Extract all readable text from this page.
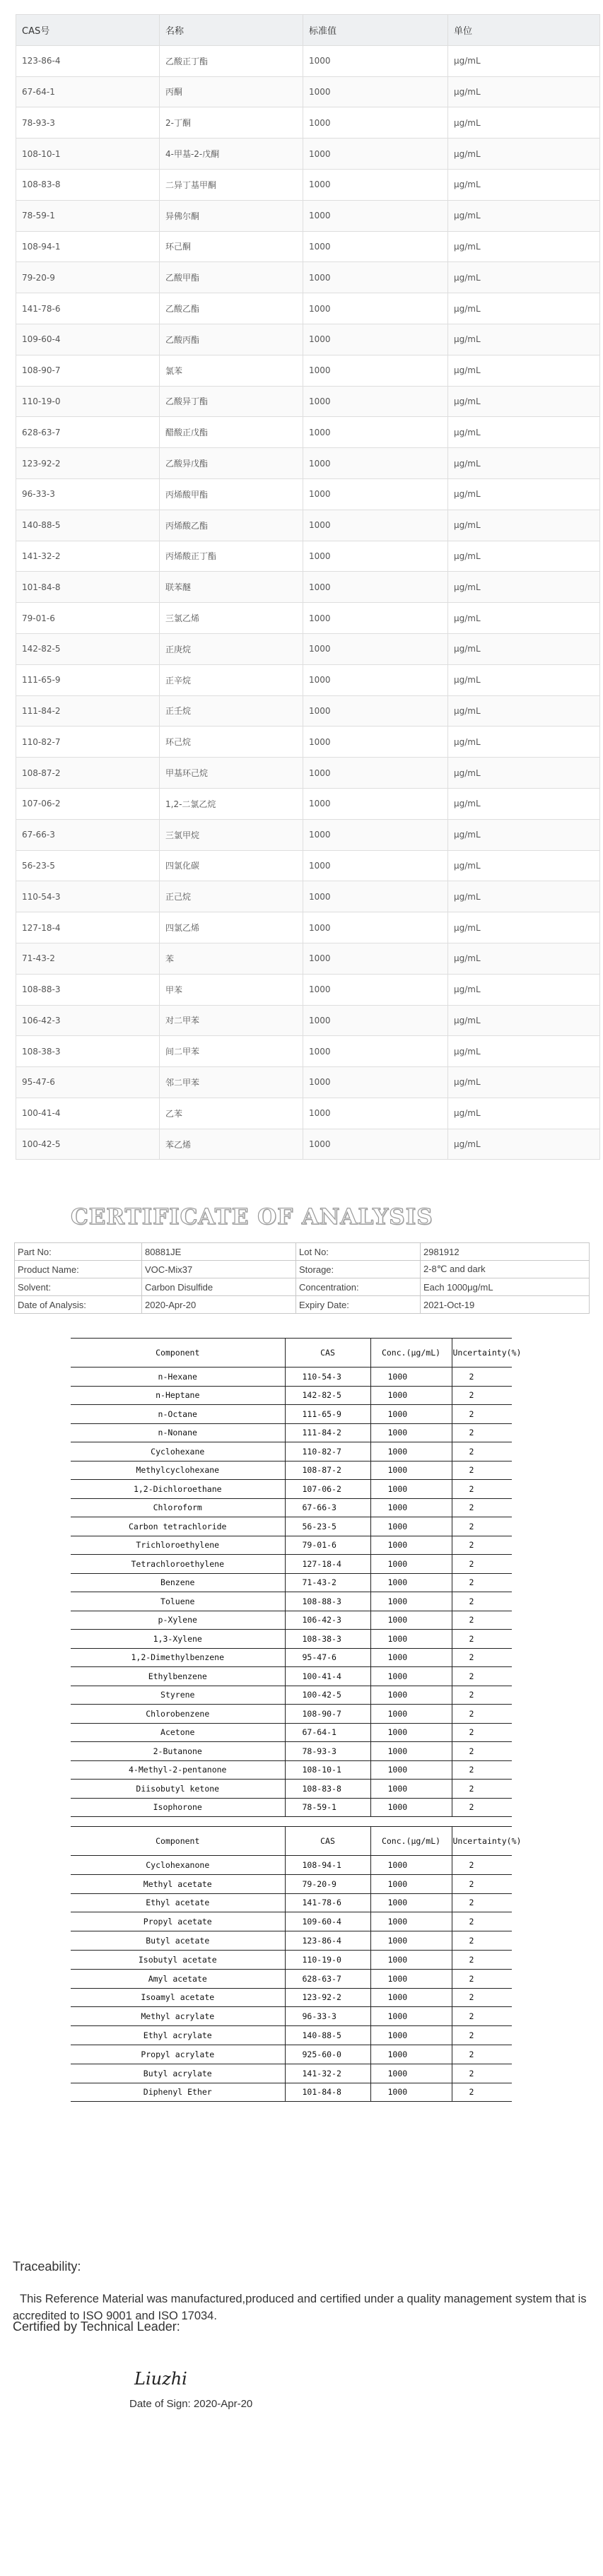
CAS号	名称	标准值	单位
123-86-4	乙酸正丁酯	1000	μg/mL
67-64-1	丙酮	1000	μg/mL
78-93-3	2-丁酮	1000	μg/mL
108-10-1	4-甲基-2-戊酮	1000	μg/mL
108-83-8	二异丁基甲酮	1000	μg/mL
78-59-1	异佛尔酮	1000	μg/mL
108-94-1	环己酮	1000	μg/mL
79-20-9	乙酸甲酯	1000	μg/mL
141-78-6	乙酸乙酯	1000	μg/mL
109-60-4	乙酸丙酯	1000	μg/mL
108-90-7	氯苯	1000	μg/mL
110-19-0	乙酸异丁酯	1000	μg/mL
628-63-7	醋酸正戊酯	1000	μg/mL
123-92-2	乙酸异戊酯	1000	μg/mL
96-33-3	丙烯酸甲酯	1000	μg/mL
140-88-5	丙烯酸乙酯	1000	μg/mL
141-32-2	丙烯酸正丁酯	1000	μg/mL
101-84-8	联苯醚	1000	μg/mL
79-01-6	三氯乙烯	1000	μg/mL
142-82-5	正庚烷	1000	μg/mL
111-65-9	正辛烷	1000	μg/mL
111-84-2	正壬烷	1000	μg/mL
110-82-7	环己烷	1000	μg/mL
108-87-2	甲基环己烷	1000	μg/mL
107-06-2	1,2-二氯乙烷	1000	μg/mL
67-66-3	三氯甲烷	1000	μg/mL
56-23-5	四氯化碳	1000	μg/mL
110-54-3	正己烷	1000	μg/mL
127-18-4	四氯乙烯	1000	μg/mL
71-43-2	苯	1000	μg/mL
108-88-3	甲苯	1000	μg/mL
106-42-3	对二甲苯	1000	μg/mL
108-38-3	间二甲苯	1000	μg/mL
95-47-6	邻二甲苯	1000	μg/mL
100-41-4	乙苯	1000	μg/mL
100-42-5	苯乙烯	1000	μg/mL
CERTIFICATE OF ANALYSIS
Part No:	80881JE	Lot No:	2981912
Product Name:	VOC-Mix37	Storage:	2-8℃ and dark
Solvent:	Carbon Disulfide	Concentration:	Each 1000μg/mL
Date of Analysis:	2020-Apr-20	Expiry Date:	2021-Oct-19
Component	CAS	Conc.(μg/mL)	Uncertainty(%)
n-Hexane	110-54-3	1000	2
n-Heptane	142-82-5	1000	2
n-Octane	111-65-9	1000	2
n-Nonane	111-84-2	1000	2
Cyclohexane	110-82-7	1000	2
Methylcyclohexane	108-87-2	1000	2
1,2-Dichloroethane	107-06-2	1000	2
Chloroform	67-66-3	1000	2
Carbon tetrachloride	56-23-5	1000	2
Trichloroethylene	79-01-6	1000	2
Tetrachloroethylene	127-18-4	1000	2
Benzene	71-43-2	1000	2
Toluene	108-88-3	1000	2
p-Xylene	106-42-3	1000	2
1,3-Xylene	108-38-3	1000	2
1,2-Dimethylbenzene	95-47-6	1000	2
Ethylbenzene	100-41-4	1000	2
Styrene	100-42-5	1000	2
Chlorobenzene	108-90-7	1000	2
Acetone	67-64-1	1000	2
2-Butanone	78-93-3	1000	2
4-Methyl-2-pentanone	108-10-1	1000	2
Diisobutyl ketone	108-83-8	1000	2
Isophorone	78-59-1	1000	2
Component	CAS	Conc.(μg/mL)	Uncertainty(%)
Cyclohexanone	108-94-1	1000	2
Methyl acetate	79-20-9	1000	2
Ethyl acetate	141-78-6	1000	2
Propyl acetate	109-60-4	1000	2
Butyl acetate	123-86-4	1000	2
Isobutyl acetate	110-19-0	1000	2
Amyl acetate	628-63-7	1000	2
Isoamyl acetate	123-92-2	1000	2
Methyl acrylate	96-33-3	1000	2
Ethyl acrylate	140-88-5	1000	2
Propyl acrylate	925-60-0	1000	2
Butyl acrylate	141-32-2	1000	2
Diphenyl Ether	101-84-8	1000	2
Traceability:
This Reference Material was manufactured,produced and certified under a quality management system that is accredited to ISO 9001 and ISO 17034.
Certified by Technical Leader:
Liuzhi
Date of Sign: 2020-Apr-20
